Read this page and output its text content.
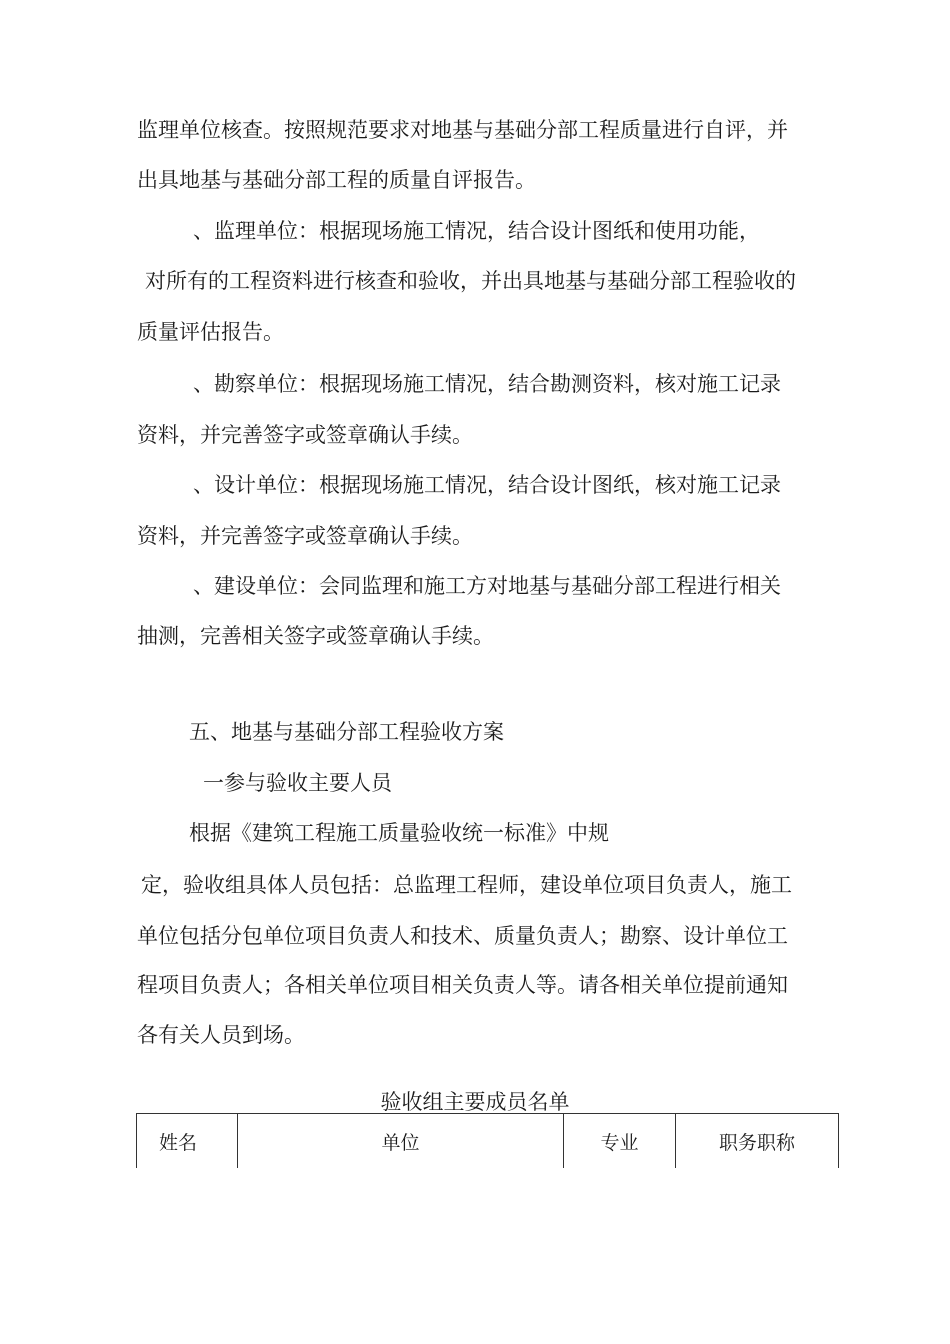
监理单位核查。按照规范要求对地基与基础分部工程质量进行自评，并
出具地基与基础分部工程的质量自评报告。
、监理单位：根据现场施工情况，结合设计图纸和使用功能，
对所有的工程资料进行核查和验收，并出具地基与基础分部工程验收的
质量评估报告。
、勘察单位：根据现场施工情况，结合勘测资料，核对施工记录
资料，并完善签字或签章确认手续。
、设计单位：根据现场施工情况，结合设计图纸，核对施工记录
资料，并完善签字或签章确认手续。
、建设单位：会同监理和施工方对地基与基础分部工程进行相关
抽测，完善相关签字或签章确认手续。
五、地基与基础分部工程验收方案
一参与验收主要人员
根据《建筑工程施工质量验收统一标准》中规
定，验收组具体人员包括：总监理工程师，建设单位项目负责人，施工
单位包括分包单位项目负责人和技术、质量负责人；勘察、设计单位工
程项目负责人；各相关单位项目相关负责人等。请各相关单位提前通知
各有关人员到场。
验收组主要成员名单
姓名	单位	专业	职务职称
